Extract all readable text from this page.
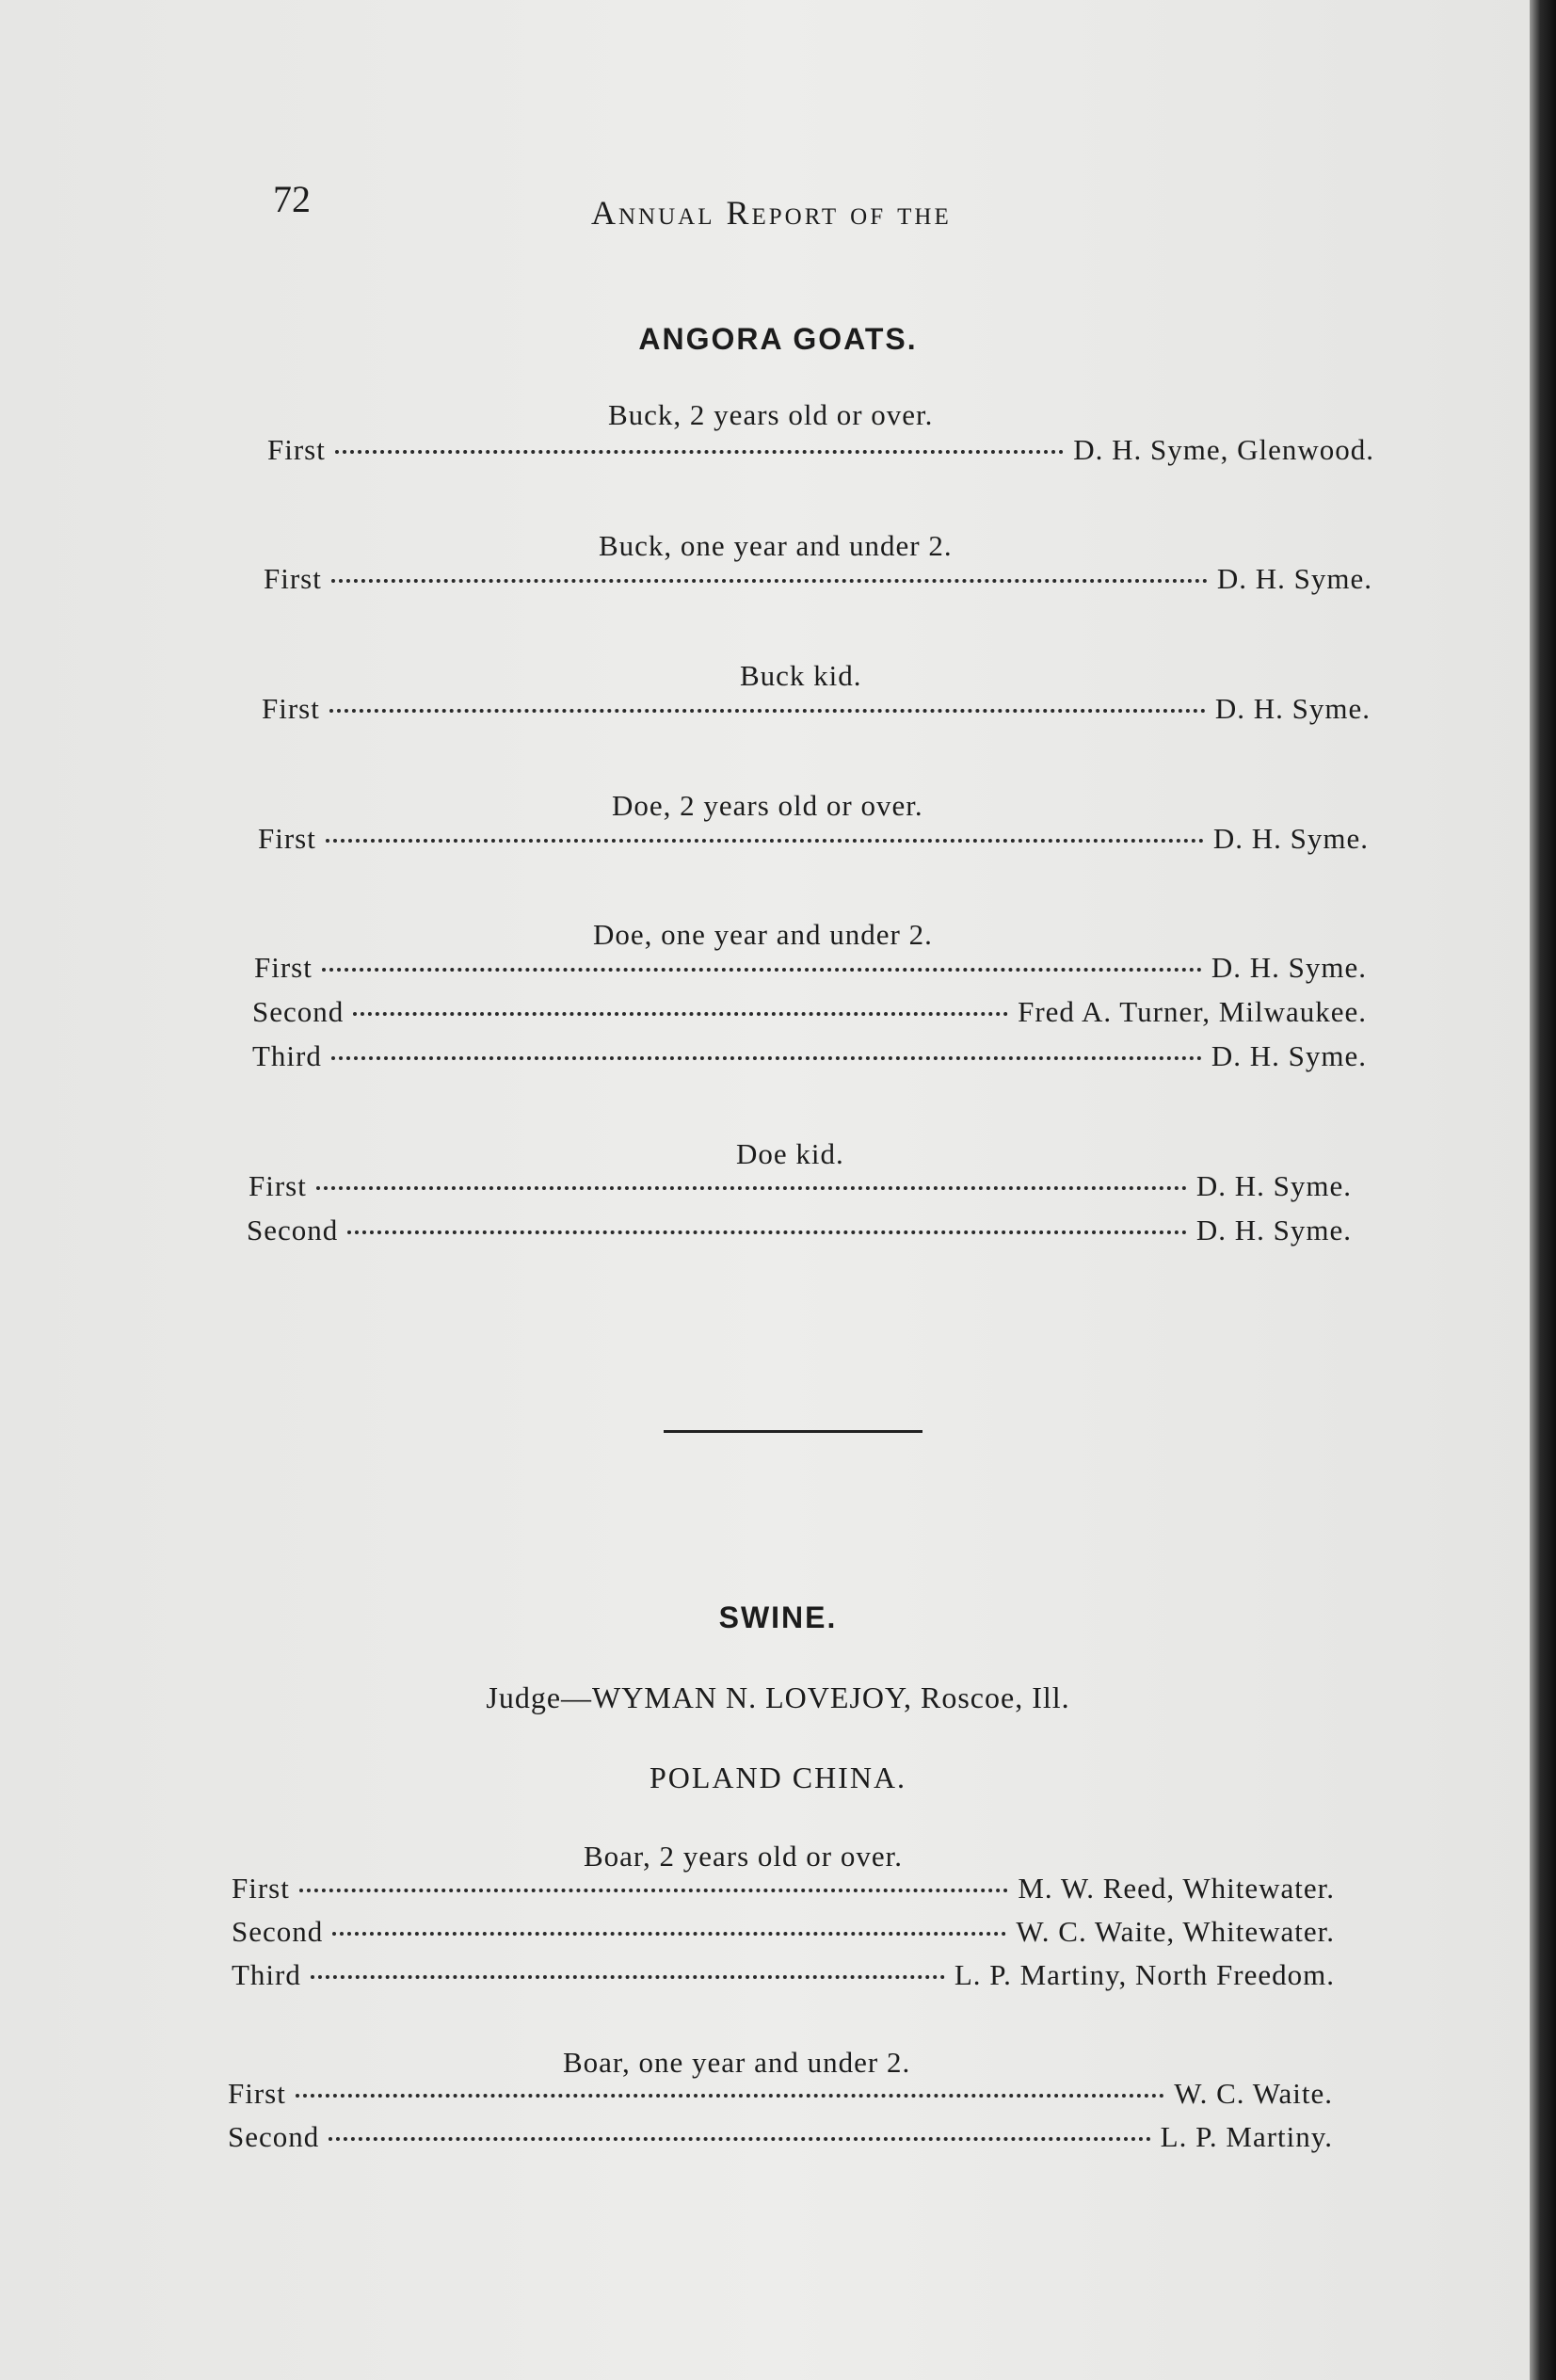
72	Annual Report of the
ANGORA GOATS.
Buck, 2 years old or over.
First	D. H. Syme, Glenwood.
Buck, one year and under 2.
First	D. H. Syme.
Buck kid.
First	D. H. Syme.
Doe, 2 years old or over.
First	D. H. Syme.
Doe, one year and under 2.
First	D. H. Syme.
Second	Fred A. Turner, Milwaukee.
Third	D. H. Syme.
Doe kid.
First	D. H. Syme.
Second	D. H. Syme.
SWINE.
Judge—WYMAN N. LOVEJOY, Roscoe, Ill.
POLAND CHINA.
Boar, 2 years old or over.
First	M. W. Reed, Whitewater.
Second	W. C. Waite, Whitewater.
Third	L. P. Martiny, North Freedom.
Boar, one year and under 2.
First	W. C. Waite.
Second	L. P. Martiny.
